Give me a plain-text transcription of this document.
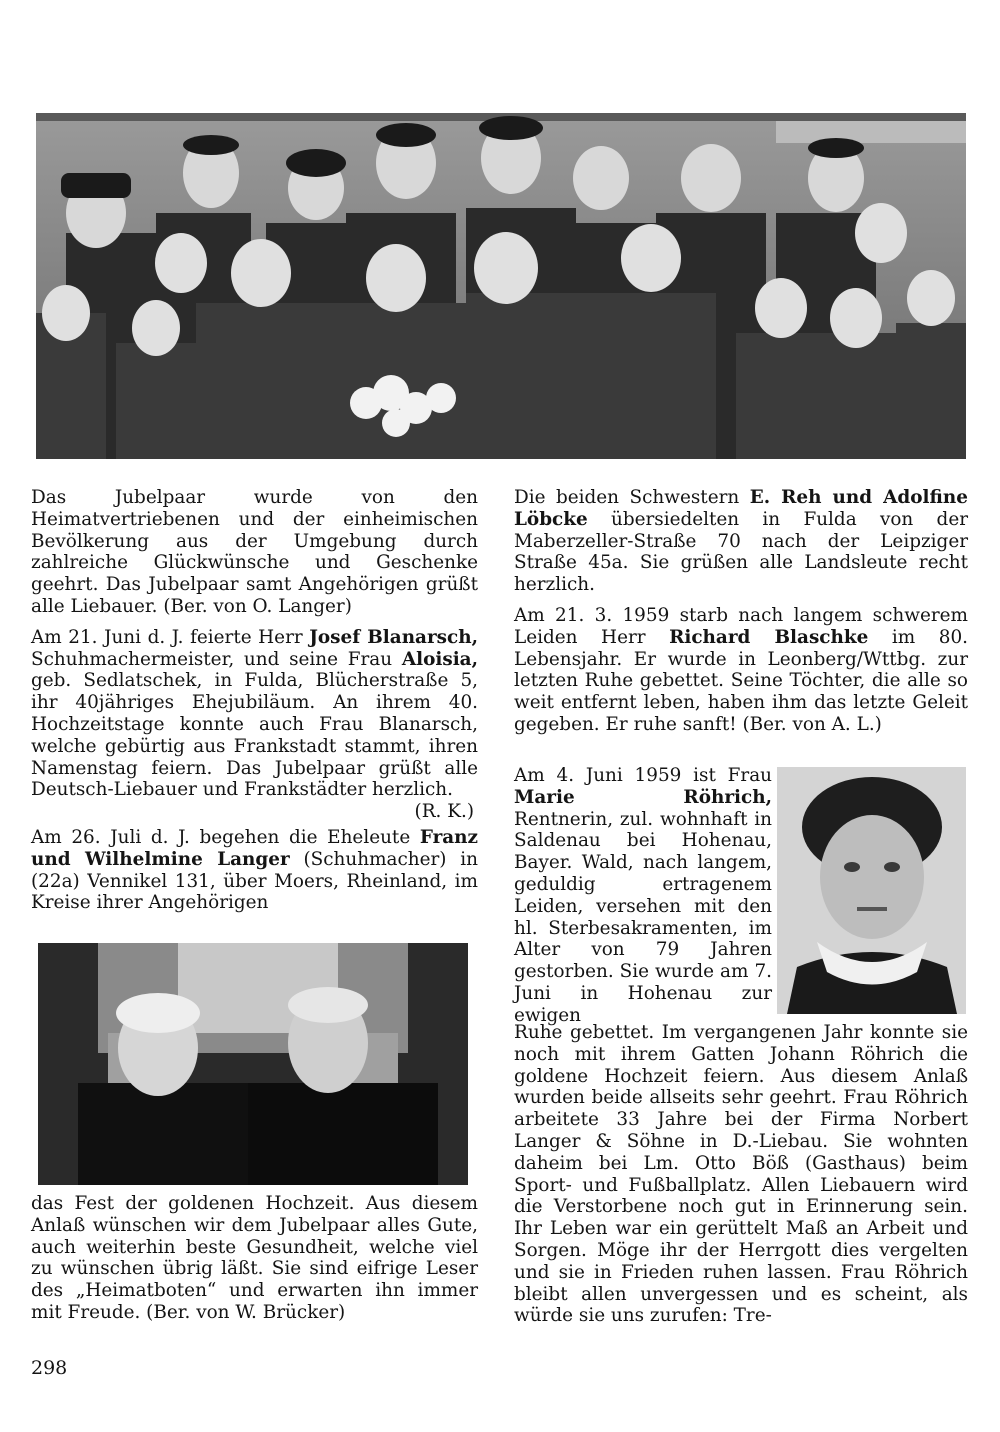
Das Jubelpaar wurde von den Heimatvertriebenen und der einheimischen Bevölkerung aus der Umgebung durch zahlreiche Glückwünsche und Geschenke geehrt. Das Jubelpaar samt Angehörigen grüßt alle Liebauer. (Ber. von O. Langer)

Am 21. Juni d. J. feierte Herr Josef Blanarsch, Schuhmachermeister, und seine Frau Aloisia, geb. Sedlatschek, in Fulda, Blücherstraße 5, ihr 40jähriges Ehejubiläum. An ihrem 40. Hochzeitstage konnte auch Frau Blanarsch, welche gebürtig aus Frankstadt stammt, ihren Namenstag feiern. Das Jubelpaar grüßt alle Deutsch-Liebauer und Frankstädter herzlich.

(R. K.)

Am 26. Juli d. J. begehen die Eheleute Franz und Wilhelmine Langer (Schuhmacher) in (22a) Vennikel 131, über Moers, Rheinland, im Kreise ihrer Angehörigen

das Fest der goldenen Hochzeit. Aus diesem Anlaß wünschen wir dem Jubelpaar alles Gute, auch weiterhin beste Gesundheit, welche viel zu wünschen übrig läßt. Sie sind eifrige Leser des „Heimatboten“ und erwarten ihn immer mit Freude. (Ber. von W. Brücker)

Die beiden Schwestern E. Reh und Adolfine Löbcke übersiedelten in Fulda von der Maberzeller-Straße 70 nach der Leipziger Straße 45a. Sie grüßen alle Landsleute recht herzlich.

Am 21. 3. 1959 starb nach langem schwerem Leiden Herr Richard Blaschke im 80. Lebensjahr. Er wurde in Leonberg/Wttbg. zur letzten Ruhe gebettet. Seine Töchter, die alle so weit entfernt leben, haben ihm das letzte Geleit gegeben. Er ruhe sanft! (Ber. von A. L.)

Am 4. Juni 1959 ist Frau Marie Röhrich, Rentnerin, zul. wohnhaft in Saldenau bei Hohenau, Bayer. Wald, nach langem, geduldig ertragenem Leiden, versehen mit den hl. Sterbesakramenten, im Alter von 79 Jahren gestorben. Sie wurde am 7. Juni in Hohenau zur ewigen

Ruhe gebettet. Im vergangenen Jahr konnte sie noch mit ihrem Gatten Johann Röhrich die goldene Hochzeit feiern. Aus diesem Anlaß wurden beide allseits sehr geehrt. Frau Röhrich arbeitete 33 Jahre bei der Firma Norbert Langer & Söhne in D.-Liebau. Sie wohnten daheim bei Lm. Otto Böß (Gasthaus) beim Sport- und Fußballplatz. Allen Liebauern wird die Verstorbene noch gut in Erinnerung sein. Ihr Leben war ein gerüttelt Maß an Arbeit und Sorgen. Möge ihr der Herrgott dies vergelten und sie in Frieden ruhen lassen. Frau Röhrich bleibt allen unvergessen und es scheint, als würde sie uns zurufen: Tre-

298
